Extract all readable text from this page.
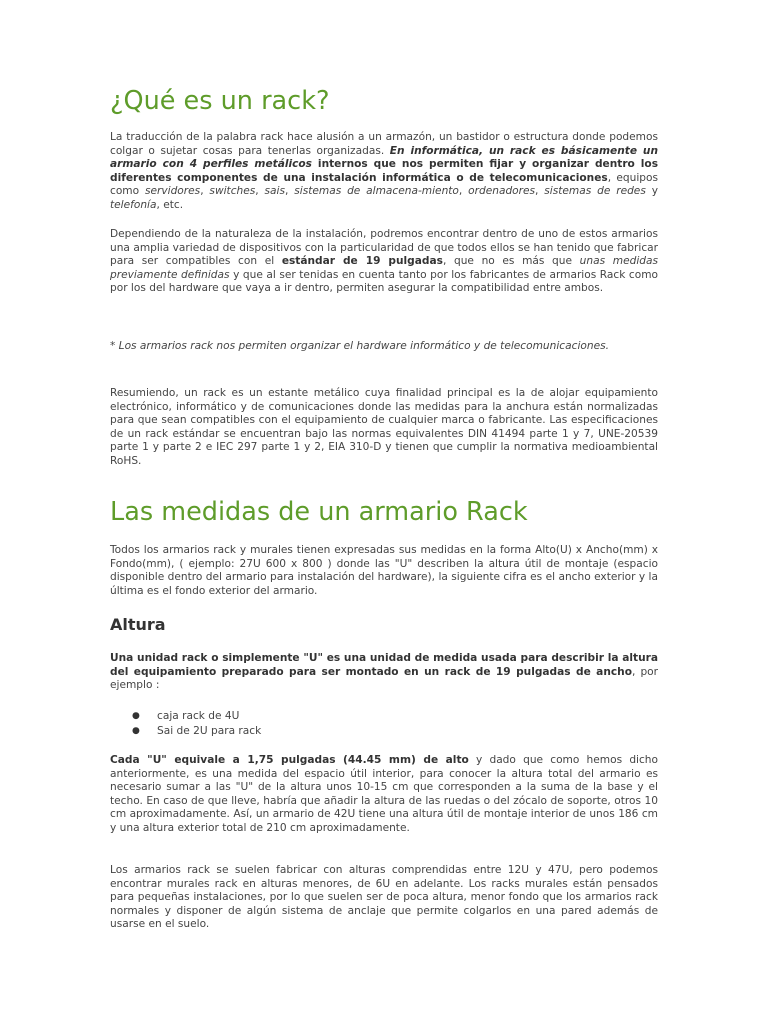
¿Qué es un rack?

La traducción de la palabra rack hace alusión a un armazón, un bastidor o estructura donde podemos colgar o sujetar cosas para tenerlas organizadas. En informática, un rack es básicamente un armario con 4 perfiles metálicos internos que nos permiten fijar y organizar dentro los diferentes componentes de una instalación informática o de telecomunicaciones, equipos como servidores, switches, sais, sistemas de almacena-miento, ordenadores, sistemas de redes y telefonía, etc.

Dependiendo de la naturaleza de la instalación, podremos encontrar dentro de uno de estos armarios una amplia variedad de dispositivos con la particularidad de que todos ellos se han tenido que fabricar para ser compatibles con el estándar de 19 pulgadas, que no es más que unas medidas previamente definidas y que al ser tenidas en cuenta tanto por los fabricantes de armarios Rack como por los del hardware que vaya a ir dentro, permiten asegurar la compatibilidad entre ambos.

* Los armarios rack nos permiten organizar el hardware informático y de telecomunicaciones.

Resumiendo, un rack es un estante metálico cuya finalidad principal es la de alojar equipamiento electrónico, informático y de comunicaciones donde las medidas para la anchura están normalizadas para que sean compatibles con el equipamiento de cualquier marca o fabricante. Las especificaciones de un rack estándar se encuentran bajo las normas equivalentes DIN 41494 parte 1 y 7, UNE-20539 parte 1 y parte 2 e IEC 297 parte 1 y 2, EIA 310-D y tienen que cumplir la normativa medioambiental RoHS.

Las medidas de un armario Rack

Todos los armarios rack y murales tienen expresadas sus medidas en la forma Alto(U) x Ancho(mm) x Fondo(mm), ( ejemplo: 27U 600 x 800 ) donde las "U" describen la altura útil de montaje (espacio disponible dentro del armario para instalación del hardware), la siguiente cifra es el ancho exterior y la última es el fondo exterior del armario.

Altura

Una unidad rack o simplemente "U" es una unidad de medida usada para describir la altura del equipamiento preparado para ser montado en un rack de 19 pulgadas de ancho, por ejemplo :

● caja rack de 4U
● Sai de 2U para rack

Cada "U" equivale a 1,75 pulgadas (44.45 mm) de alto y dado que como hemos dicho anteriormente, es una medida del espacio útil interior, para conocer la altura total del armario es necesario sumar a las "U" de la altura unos 10-15 cm que corresponden a la suma de la base y el techo. En caso de que lleve, habría que añadir la altura de las ruedas o del zócalo de soporte, otros 10 cm aproximadamente. Así, un armario de 42U tiene una altura útil de montaje interior de unos 186 cm y una altura exterior total de 210 cm aproximadamente.

Los armarios rack se suelen fabricar con alturas comprendidas entre 12U y 47U, pero podemos encontrar murales rack en alturas menores, de 6U en adelante. Los racks murales están pensados para pequeñas instalaciones, por lo que suelen ser de poca altura, menor fondo que los armarios rack normales y disponer de algún sistema de anclaje que permite colgarlos en una pared además de usarse en el suelo.
